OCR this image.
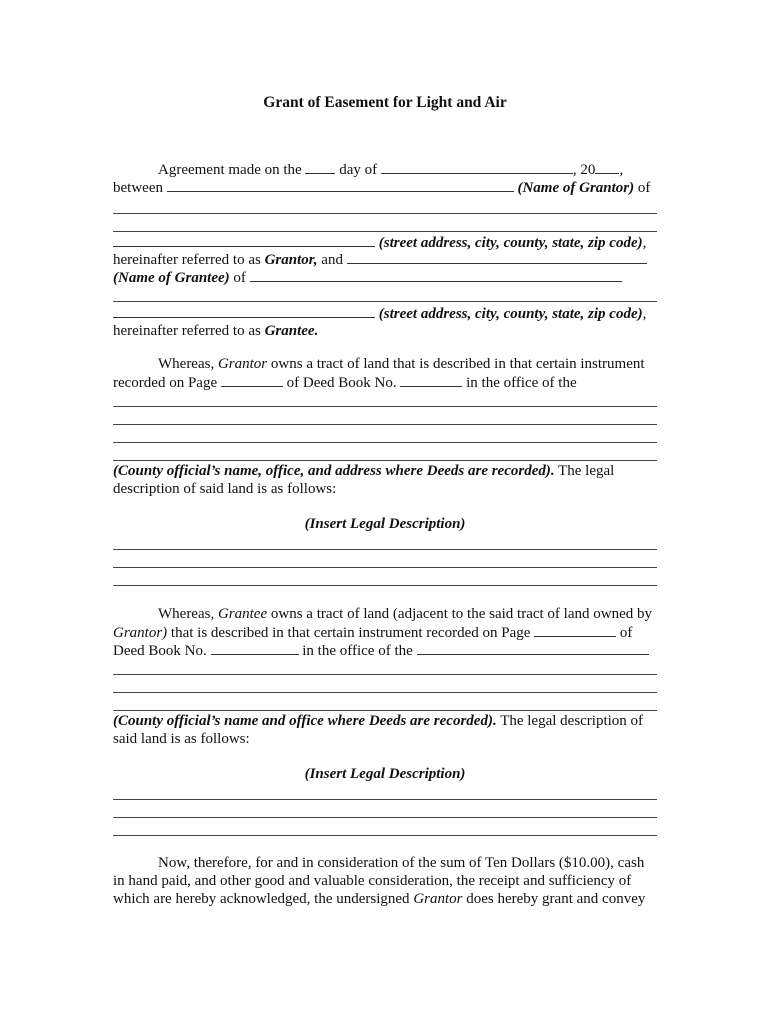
Grant of Easement for Light and Air
Agreement made on the	day of	, 20 ,
between	(Name of Grantor) of
(street address, city, county, state, zip code),
hereinafter referred to as Grantor, and
(Name of Grantee) of
(street address, city, county, state, zip code),
hereinafter referred to as Grantee.
Whereas, Grantor owns a tract of land that is described in that certain instrument
recorded on Page	of Deed Book No.	in the office of the
(County official’s name, office, and address where Deeds are recorded). The legal
description of said land is as follows:
(Insert Legal Description)
Whereas, Grantee owns a tract of land (adjacent to the said tract of land owned by
Grantor) that is described in that certain instrument recorded on Page	of
Deed Book No.	in the office of the
(County official’s name and office where Deeds are recorded). The legal description of
said land is as follows:
(Insert Legal Description)
Now, therefore, for and in consideration of the sum of Ten Dollars ($10.00), cash
in hand paid, and other good and valuable consideration, the receipt and sufficiency of
which are hereby acknowledged, the undersigned Grantor does hereby grant and convey
